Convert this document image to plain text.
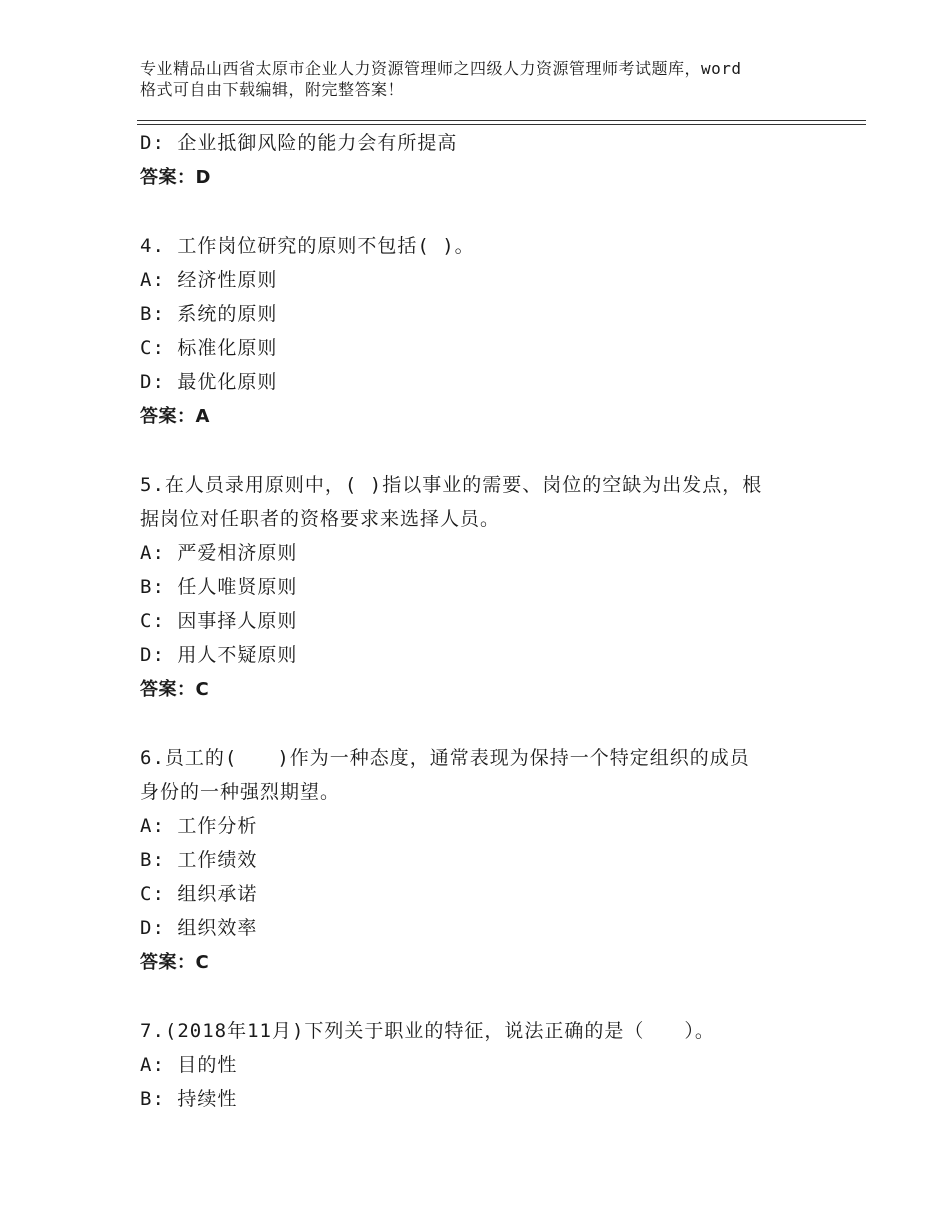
专业精品山西省太原市企业人力资源管理师之四级人力资源管理师考试题库，word
格式可自由下载编辑，附完整答案！
D: 企业抵御风险的能力会有所提高
答案：D
4. 工作岗位研究的原则不包括( )。
A: 经济性原则
B: 系统的原则
C: 标准化原则
D: 最优化原则
答案：A
5.在人员录用原则中，( )指以事业的需要、岗位的空缺为出发点，根
据岗位对任职者的资格要求来选择人员。
A: 严爱相济原则
B: 任人唯贤原则
C: 因事择人原则
D: 用人不疑原则
答案：C
6.员工的(　　)作为一种态度，通常表现为保持一个特定组织的成员
身份的一种强烈期望。
A: 工作分析
B: 工作绩效
C: 组织承诺
D: 组织效率
答案：C
7.(2018年11月)下列关于职业的特征，说法正确的是（　　）。
A: 目的性
B: 持续性
